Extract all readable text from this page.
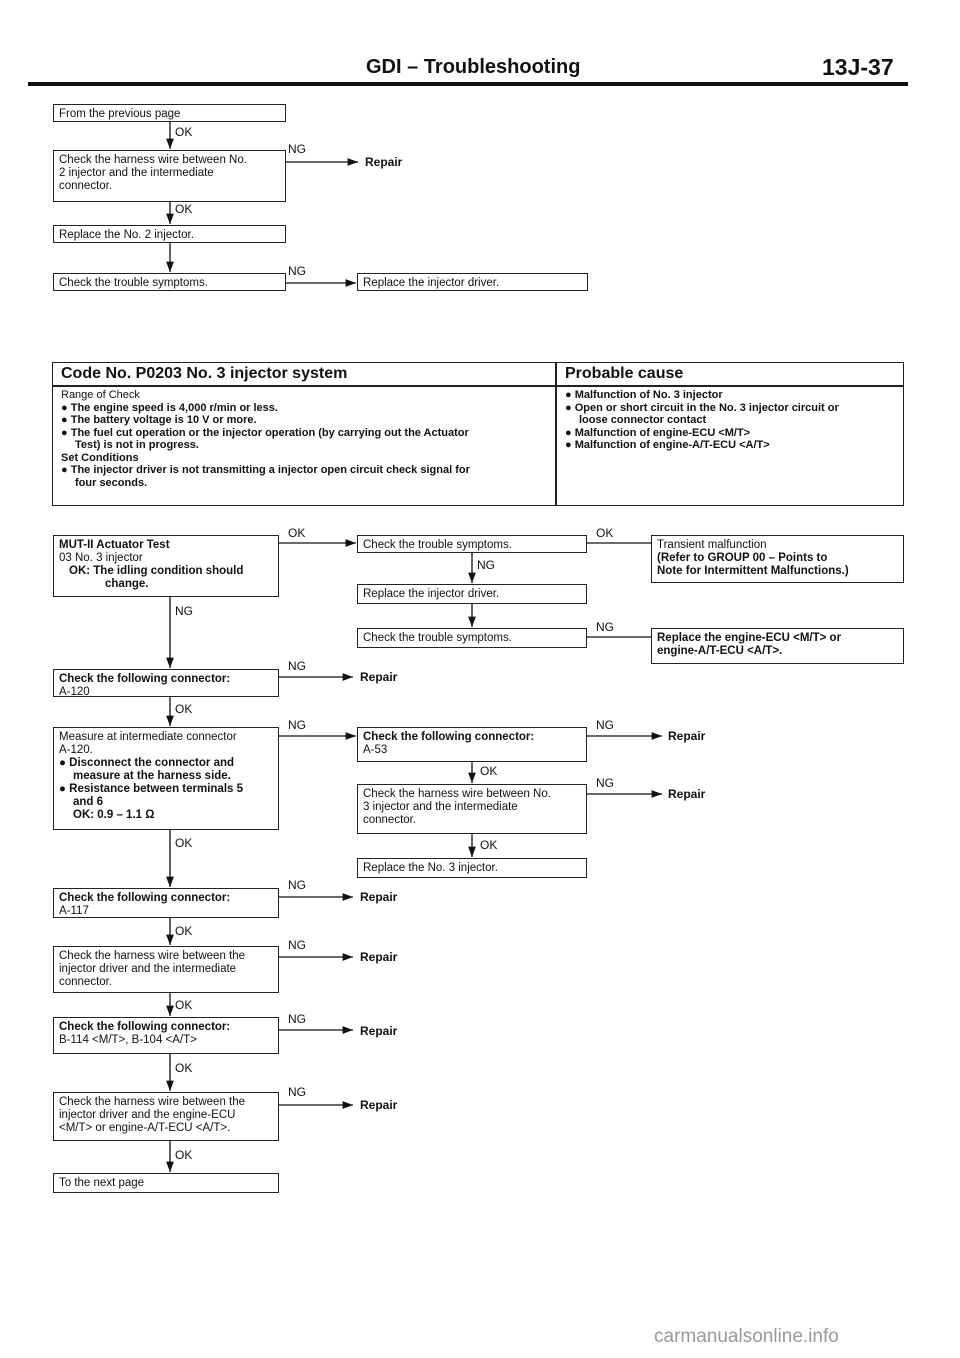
GDI – Troubleshooting	13J-37
From the previous page
OK
Check the harness wire between No.
2 injector and the intermediate
connector.
NG
Repair
OK
Replace the No. 2 injector.
Check the trouble symptoms.
NG
Replace the injector driver.
Code No. P0203 No. 3 injector system	Probable cause
Range of Check
● The engine speed is 4,000 r/min or less.
● The battery voltage is 10 V or more.
● The fuel cut operation or the injector operation (by carrying out the Actuator
Test) is not in progress.
Set Conditions
● The injector driver is not transmitting a injector open circuit check signal for
four seconds.
● Malfunction of No. 3 injector
● Open or short circuit in the No. 3 injector circuit or
loose connector contact
● Malfunction of engine-ECU <M/T>
● Malfunction of engine-A/T-ECU <A/T>
MUT-II Actuator Test
03 No. 3 injector
OK: The idling condition should
change.
OK
NG
Check the following connector:
A-120
NG
Repair
OK
Measure at intermediate connector
A-120.
● Disconnect the connector and
measure at the harness side.
● Resistance between terminals 5
and 6
OK: 0.9 – 1.1 Ω
NG
OK
Check the following connector:
A-117
NG
Repair
OK
Check the harness wire between the
injector driver and the intermediate
connector.
NG
Repair
OK
Check the following connector:
B-114 <M/T>, B-104 <A/T>
NG
Repair
OK
Check the harness wire between the
injector driver and the engine-ECU
<M/T> or engine-A/T-ECU <A/T>.
NG
Repair
OK
To the next page
Check the trouble symptoms.
NG
Replace the injector driver.
Check the trouble symptoms.
Check the following connector:
A-53
OK
Check the harness wire between No.
3 injector and the intermediate
connector.
OK
Replace the No. 3 injector.
OK
Transient malfunction
(Refer to GROUP 00 – Points to
Note for Intermittent Malfunctions.)
NG
Replace the engine-ECU <M/T> or
engine-A/T-ECU <A/T>.
NG
Repair
NG
Repair
carmanualsonline.info
